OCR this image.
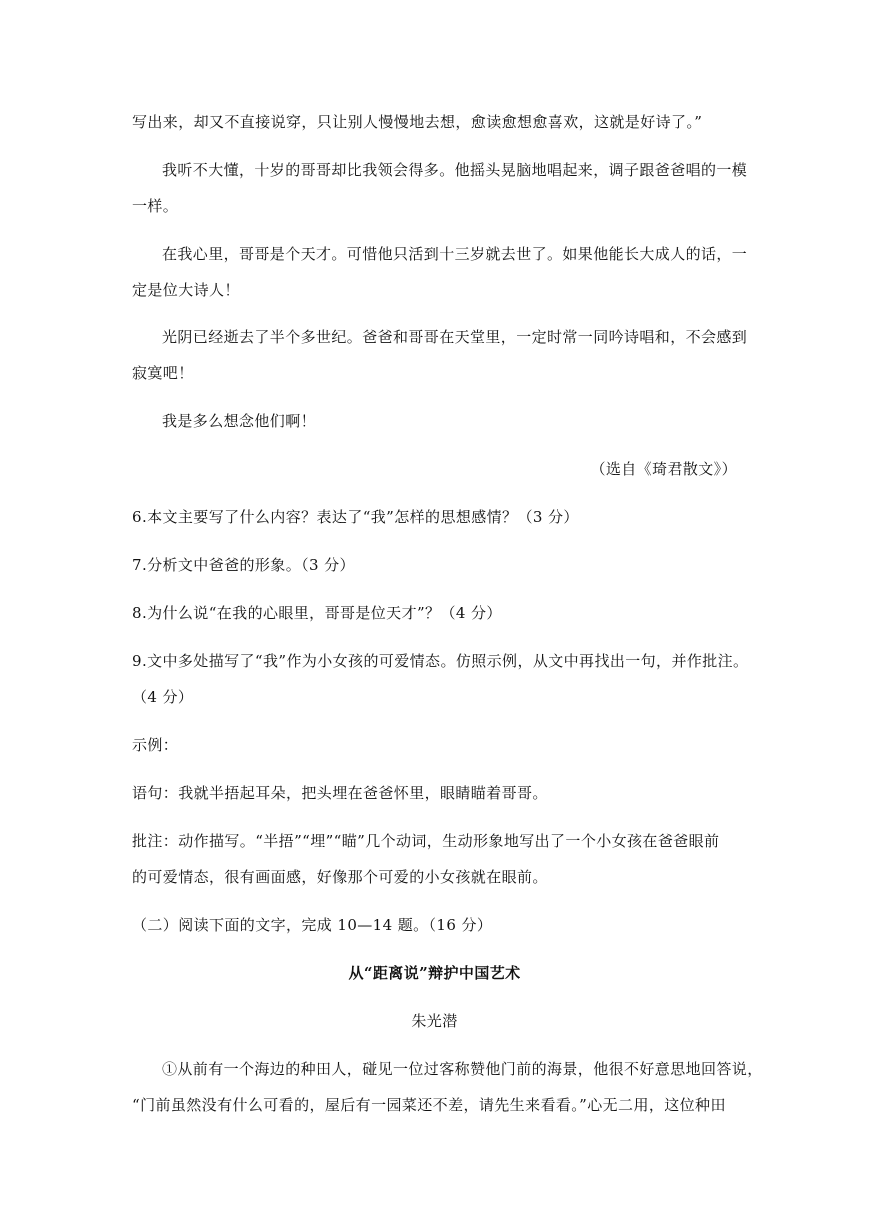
写出来，却又不直接说穿，只让别人慢慢地去想，愈读愈想愈喜欢，这就是好诗了。”
我听不大懂，十岁的哥哥却比我领会得多。他摇头晃脑地唱起来，调子跟爸爸唱的一模
一样。
在我心里，哥哥是个天才。可惜他只活到十三岁就去世了。如果他能长大成人的话，一
定是位大诗人！
光阴已经逝去了半个多世纪。爸爸和哥哥在天堂里，一定时常一同吟诗唱和，不会感到
寂寞吧！
我是多么想念他们啊！
（选自《琦君散文》）
6.本文主要写了什么内容？表达了“我”怎样的思想感情？（3 分）
7.分析文中爸爸的形象。（3 分）
8.为什么说“在我的心眼里，哥哥是位天才”？（4 分）
9.文中多处描写了“我”作为小女孩的可爱情态。仿照示例，从文中再找出一句，并作批注。
（4 分）
示例：
语句：我就半捂起耳朵，把头埋在爸爸怀里，眼睛瞄着哥哥。
批注：动作描写。“半捂”“埋”“瞄”几个动词，生动形象地写出了一个小女孩在爸爸眼前
的可爱情态，很有画面感，好像那个可爱的小女孩就在眼前。
（二）阅读下面的文字，完成 10—14 题。（16 分）
从“距离说”辩护中国艺术
朱光潜
①从前有一个海边的种田人，碰见一位过客称赞他门前的海景，他很不好意思地回答说，
“门前虽然没有什么可看的，屋后有一园菜还不差，请先生来看看。”心无二用，这位种田
